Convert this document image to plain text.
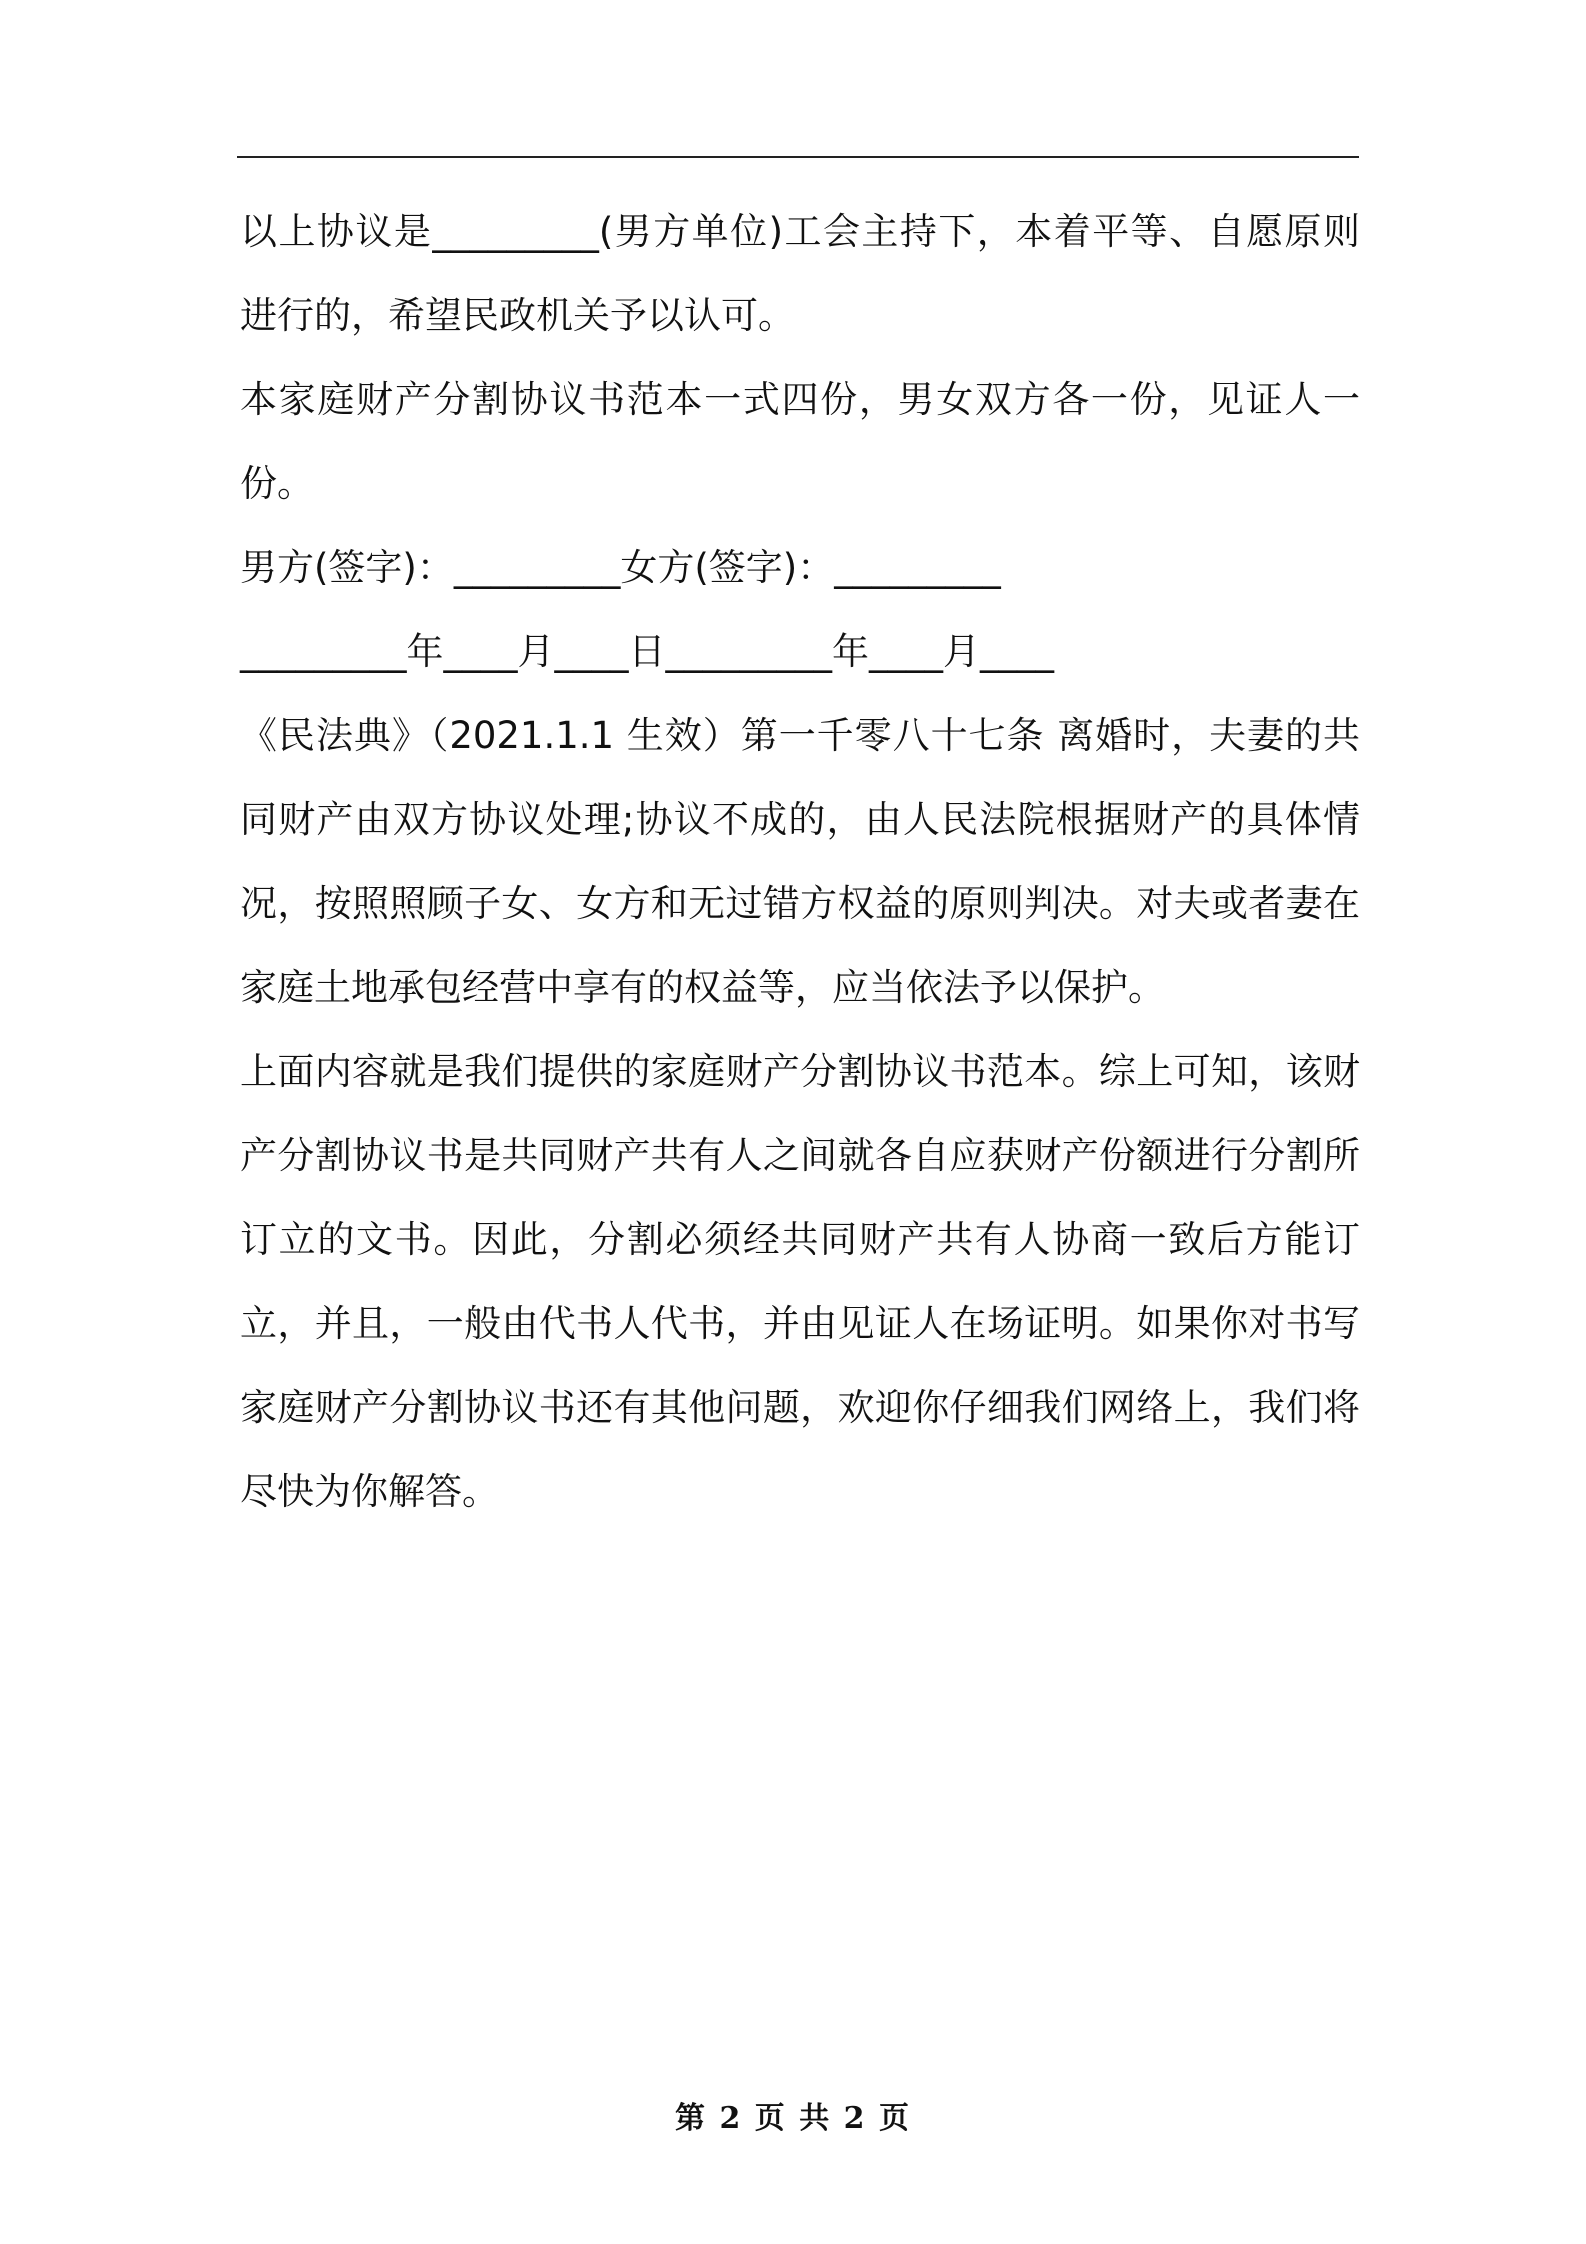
以上协议是_________(男方单位)工会主持下，本着平等、自愿原则进行的，希望民政机关予以认可。

本家庭财产分割协议书范本一式四份，男女双方各一份，见证人一份。

男方(签字)：_________女方(签字)：_________

_________年____月____日_________年____月____

《民法典》（2021.1.1 生效）第一千零八十七条 离婚时，夫妻的共同财产由双方协议处理;协议不成的，由人民法院根据财产的具体情况，按照照顾子女、女方和无过错方权益的原则判决。对夫或者妻在家庭土地承包经营中享有的权益等，应当依法予以保护。

上面内容就是我们提供的家庭财产分割协议书范本。综上可知，该财产分割协议书是共同财产共有人之间就各自应获财产份额进行分割所订立的文书。因此，分割必须经共同财产共有人协商一致后方能订立，并且，一般由代书人代书，并由见证人在场证明。如果你对书写家庭财产分割协议书还有其他问题，欢迎你仔细我们网络上，我们将尽快为你解答。

第 2 页 共 2 页
